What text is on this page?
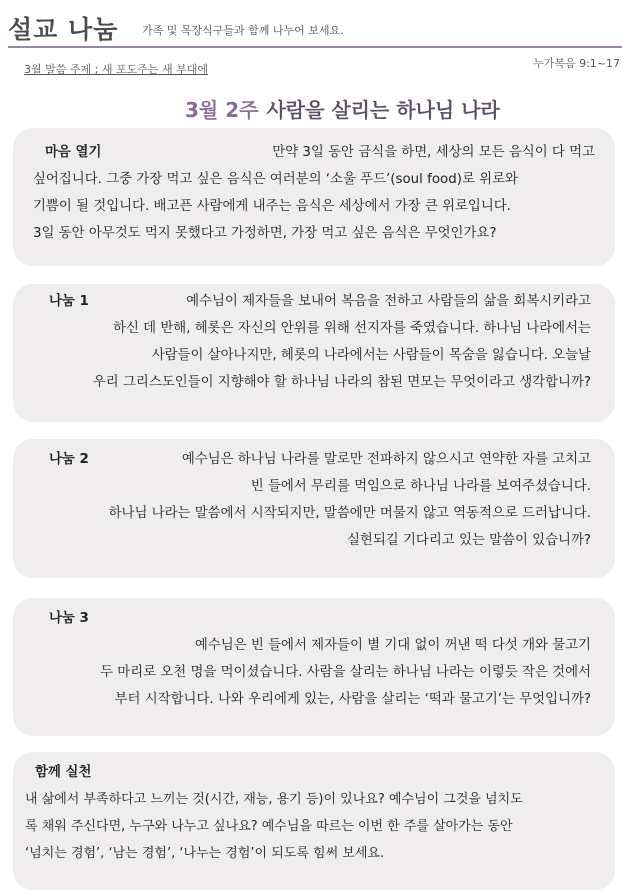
설교 나눔 가족 및 목장식구들과 함께 나누어 보세요.
3월 말씀 주제 ; 새 포도주는 새 부대에	누가복음 9:1~17
3월 2주 사람을 살리는 하나님 나라
마음 열기	만약 3일 동안 금식을 하면, 세상의 모든 음식이 다 먹고
싶어집니다. 그중 가장 먹고 싶은 음식은 여러분의 ‘소울 푸드’(soul food)로 위로와
기쁨이 될 것입니다. 배고픈 사람에게 내주는 음식은 세상에서 가장 큰 위로입니다.
3일 동안 아무것도 먹지 못했다고 가정하면, 가장 먹고 싶은 음식은 무엇인가요?
나눔 1	예수님이 제자들을 보내어 복음을 전하고 사람들의 삶을 회복시키라고
하신 데 반해, 헤롯은 자신의 안위를 위해 선지자를 죽였습니다. 하나님 나라에서는
사람들이 살아나지만, 헤롯의 나라에서는 사람들이 목숨을 잃습니다. 오늘날
우리 그리스도인들이 지향해야 할 하나님 나라의 참된 면모는 무엇이라고 생각합니까?
나눔 2	예수님은 하나님 나라를 말로만 전파하지 않으시고 연약한 자를 고치고
빈 들에서 무리를 먹임으로 하나님 나라를 보여주셨습니다.
하나님 나라는 말씀에서 시작되지만, 말씀에만 머물지 않고 역동적으로 드러납니다.
실현되길 기다리고 있는 말씀이 있습니까?
나눔 3
예수님은 빈 들에서 제자들이 별 기대 없이 꺼낸 떡 다섯 개와 물고기
두 마리로 오천 명을 먹이셨습니다. 사람을 살리는 하나님 나라는 이렇듯 작은 것에서
부터 시작합니다. 나와 우리에게 있는, 사람을 살리는 ‘떡과 물고기’는 무엇입니까?
함께 실천
내 삶에서 부족하다고 느끼는 것(시간, 재능, 용기 등)이 있나요? 예수님이 그것을 넘치도
록 채워 주신다면, 누구와 나누고 싶나요? 예수님을 따르는 이번 한 주를 살아가는 동안
‘넘치는 경험’, ‘남는 경험’, ‘나누는 경험’이 되도록 힘써 보세요.
